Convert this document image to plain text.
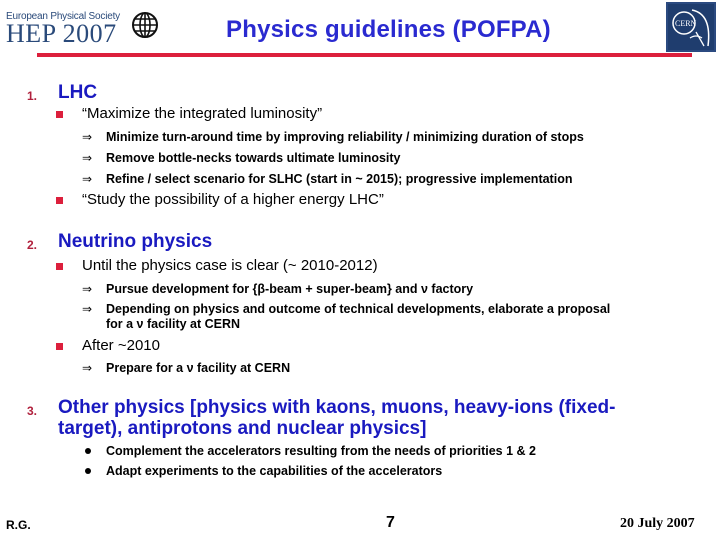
European Physical Society
HEP 2007	Physics guidelines (POFPA)	CERN
1. LHC
“Maximize the integrated luminosity”
⇒ Minimize turn-around time by improving reliability / minimizing duration of stops
⇒ Remove bottle-necks towards ultimate luminosity
⇒ Refine / select scenario for SLHC (start in ~ 2015); progressive implementation
“Study the possibility of a higher energy LHC”
2. Neutrino physics
Until the physics case is clear (~ 2010-2012)
⇒ Pursue development for {β-beam + super-beam} and ν factory
⇒ Depending on physics and outcome of technical developments, elaborate a proposal
for a ν facility at CERN
After ~2010
⇒ Prepare for a ν facility at CERN
3. Other physics [physics with kaons, muons, heavy-ions (fixed-
target), antiprotons and nuclear physics]
Complement the accelerators resulting from the needs of priorities 1 & 2
Adapt experiments to the capabilities of the accelerators
R.G.	7	20 July 2007
